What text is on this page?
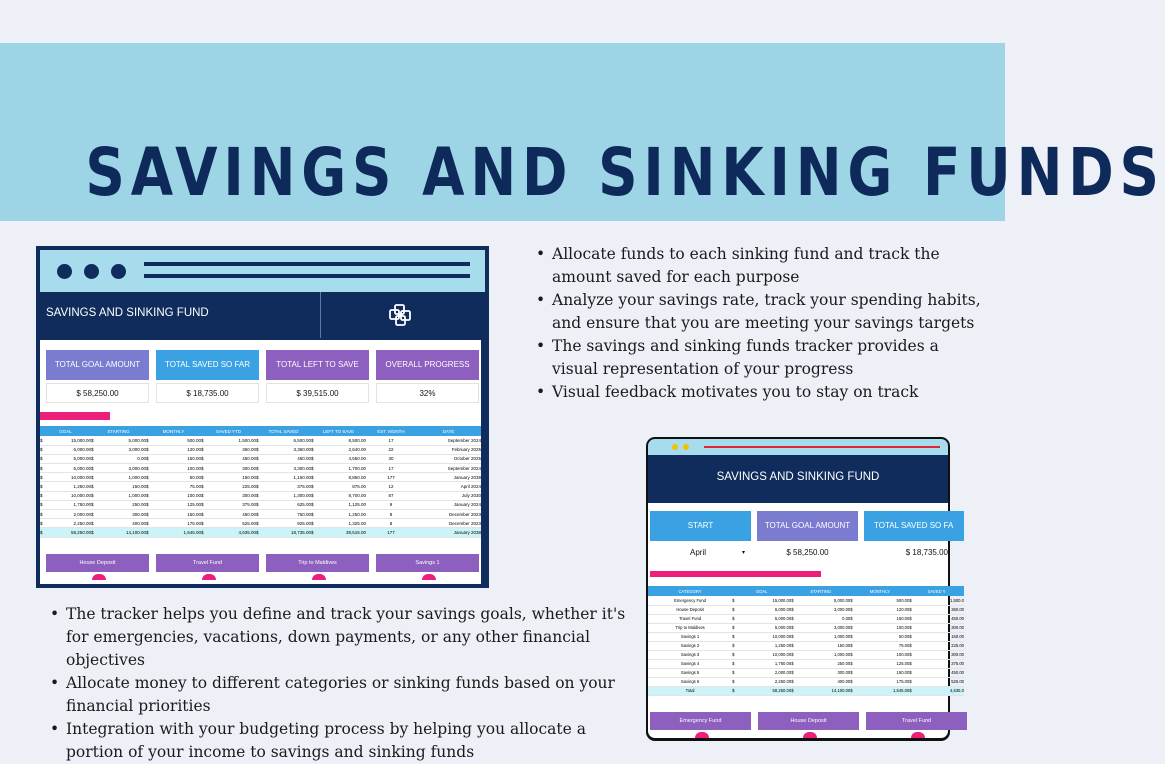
SAVINGS AND SINKING FUNDS
• Allocate funds to each sinking fund and track the amount saved for each purpose
• Analyze your savings rate, track your spending habits, and ensure that you are meeting your savings targets
• The savings and sinking funds tracker provides a visual representation of your progress
• Visual feedback motivates you to stay on track
• The tracker helps you define and track your savings goals, whether it's for emergencies, vacations, down payments, or any other financial objectives
• Allocate money to different categories or sinking funds based on your financial priorities
• Integration with your budgeting process by helping you allocate a portion of your income to savings and sinking funds
SAVINGS AND SINKING FUND
TOTAL GOAL AMOUNT	TOTAL SAVED SO FAR	TOTAL LEFT TO SAVE	OVERALL PROGRESS
$ 58,250.00	$ 18,735.00	$ 39,515.00	32%
GOAL		STARTING		MONTHLY		SAVED YTD		TOTAL SAVED		LEFT TO SAVE		EST. MONTH	DATE
$	15,000.00	$	5,000.00	$	500.00	$	1,500.00	$	6,500.00	$	8,500.00	17	September 2024
$	6,000.00	$	3,000.00	$	120.00	$	360.00	$	3,360.00	$	2,640.00	22	February 2025
$	5,000.00	$	0.00	$	150.00	$	450.00	$	450.00	$	4,550.00	30	October 2025
$	5,000.00	$	3,000.00	$	100.00	$	300.00	$	3,300.00	$	1,700.00	17	September 2024
$	10,000.00	$	1,000.00	$	50.00	$	150.00	$	1,150.00	$	8,850.00	177	January 2038
$	1,250.00	$	150.00	$	75.00	$	225.00	$	375.00	$	875.00	12	April 2024
$	10,000.00	$	1,000.00	$	100.00	$	300.00	$	1,300.00	$	8,700.00	87	July 2030
$	1,750.00	$	250.00	$	125.00	$	375.00	$	625.00	$	1,125.00	9	January 2024
$	2,000.00	$	300.00	$	150.00	$	450.00	$	750.00	$	1,250.00	8	December 2023
$	2,250.00	$	400.00	$	175.00	$	525.00	$	925.00	$	1,325.00	8	December 2023
$	58,250.00	$	14,100.00	$	1,545.00	$	4,635.00	$	18,735.00	$	39,515.00	177	January 2038
House Deposit	Travel Fund	Trip to Maldives	Savings 1
SAVINGS AND SINKING FUND
START	TOTAL GOAL AMOUNT	TOTAL SAVED SO FA
April	▾	$ 58,250.00	$ 18,735.00
CATEGORY	GOAL		STARTING		MONTHLY		SAVED Y	
Emergency Fund	$	15,000.00	$	5,000.00	$	500.00	$	1,500.0
House Deposit	$	6,000.00	$	3,000.00	$	120.00	$	360.00
Travel Fund	$	5,000.00	$	0.00	$	150.00	$	450.00
Trip to Maldives	$	5,000.00	$	3,000.00	$	100.00	$	300.00
Savings 1	$	10,000.00	$	1,000.00	$	50.00	$	150.00
Savings 2	$	1,250.00	$	150.00	$	75.00	$	225.00
Savings 3	$	10,000.00	$	1,000.00	$	100.00	$	300.00
Savings 4	$	1,750.00	$	250.00	$	125.00	$	375.00
Savings 5	$	2,000.00	$	300.00	$	150.00	$	450.00
Savings 6	$	2,250.00	$	400.00	$	175.00	$	525.00
Total	$	58,250.00	$	14,100.00	$	1,545.00	$	4,635.0
Emergency Fund	House Deposit	Travel Fund
